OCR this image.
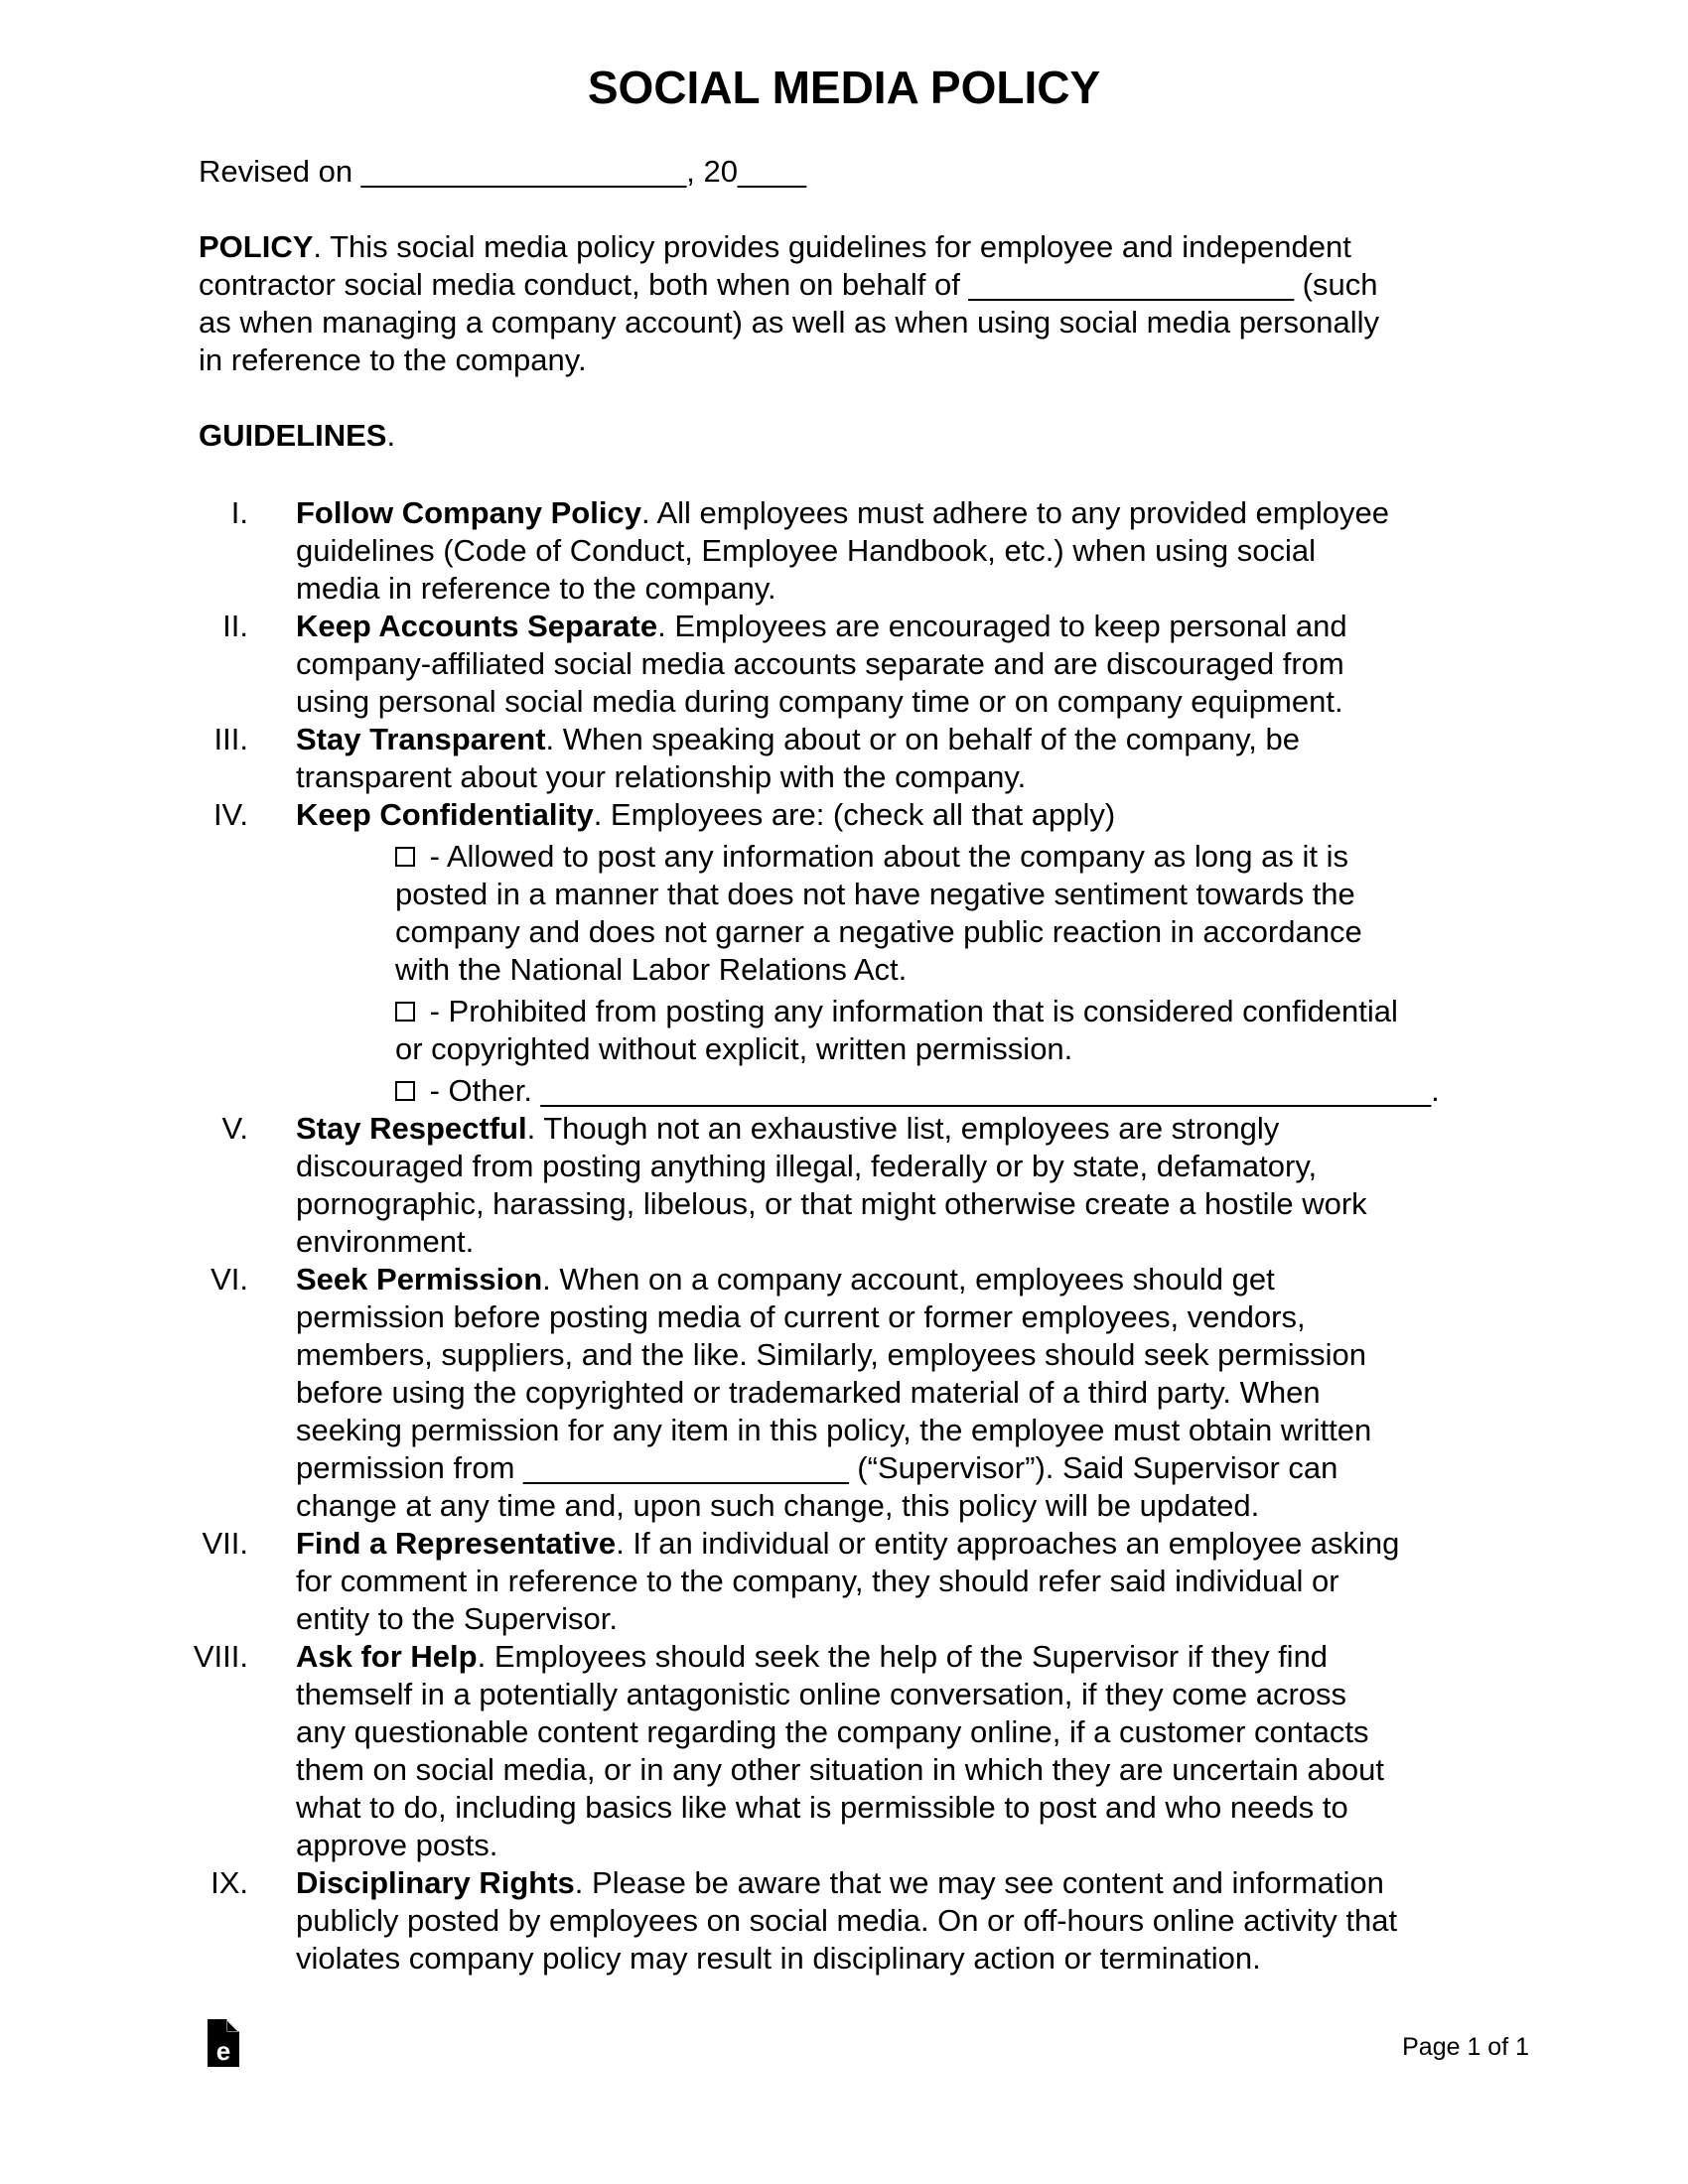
SOCIAL MEDIA POLICY
Revised on ___________________, 20____
POLICY. This social media policy provides guidelines for employee and independent
contractor social media conduct, both when on behalf of ___________________ (such
as when managing a company account) as well as when using social media personally
in reference to the company.
GUIDELINES.
I. Follow Company Policy. All employees must adhere to any provided employee
guidelines (Code of Conduct, Employee Handbook, etc.) when using social
media in reference to the company.
II. Keep Accounts Separate. Employees are encouraged to keep personal and
company-affiliated social media accounts separate and are discouraged from
using personal social media during company time or on company equipment.
III. Stay Transparent. When speaking about or on behalf of the company, be
transparent about your relationship with the company.
IV. Keep Confidentiality. Employees are: (check all that apply)
- Allowed to post any information about the company as long as it is
posted in a manner that does not have negative sentiment towards the
company and does not garner a negative public reaction in accordance
with the National Labor Relations Act.
- Prohibited from posting any information that is considered confidential
or copyrighted without explicit, written permission.
- Other. ____________________________________________________.
V. Stay Respectful. Though not an exhaustive list, employees are strongly
discouraged from posting anything illegal, federally or by state, defamatory,
pornographic, harassing, libelous, or that might otherwise create a hostile work
environment.
VI. Seek Permission. When on a company account, employees should get
permission before posting media of current or former employees, vendors,
members, suppliers, and the like. Similarly, employees should seek permission
before using the copyrighted or trademarked material of a third party. When
seeking permission for any item in this policy, the employee must obtain written
permission from ___________________ (“Supervisor”). Said Supervisor can
change at any time and, upon such change, this policy will be updated.
VII. Find a Representative. If an individual or entity approaches an employee asking
for comment in reference to the company, they should refer said individual or
entity to the Supervisor.
VIII. Ask for Help. Employees should seek the help of the Supervisor if they find
themself in a potentially antagonistic online conversation, if they come across
any questionable content regarding the company online, if a customer contacts
them on social media, or in any other situation in which they are uncertain about
what to do, including basics like what is permissible to post and who needs to
approve posts.
IX. Disciplinary Rights. Please be aware that we may see content and information
publicly posted by employees on social media. On or off-hours online activity that
violates company policy may result in disciplinary action or termination.
e	Page 1 of 1
